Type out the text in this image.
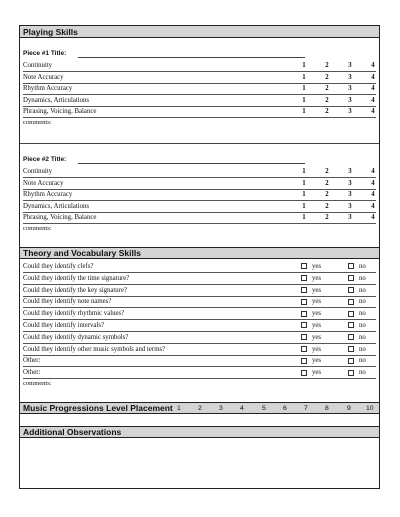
Playing Skills
Piece #1 Title:
Continuity	1	2	3	4
Note Accuracy	1	2	3	4
Rhythm Accuracy	1	2	3	4
Dynamics, Articulations	1	2	3	4
Phrasing, Voicing, Balance	1	2	3	4
comments:
Piece #2 Title:
Continuity	1	2	3	4
Note Accuracy	1	2	3	4
Rhythm Accuracy	1	2	3	4
Dynamics, Articulations	1	2	3	4
Phrasing, Voicing, Balance	1	2	3	4
comments:
Theory and Vocabulary Skills
Could they identify clefs?	yes	no
Could they identify the time signature?	yes	no
Could they identify the key signature?	yes	no
Could they identify note names?	yes	no
Could they identify rhythmic values?	yes	no
Could they identify intervals?	yes	no
Could they identify dynamic symbols?	yes	no
Could they identify other music symbols and terms?	yes	no
Other:	yes	no
Other:	yes	no
comments:
Music Progressions Level Placement 1	2	3	4	5	6	7	8	9 10
Additional Observations
